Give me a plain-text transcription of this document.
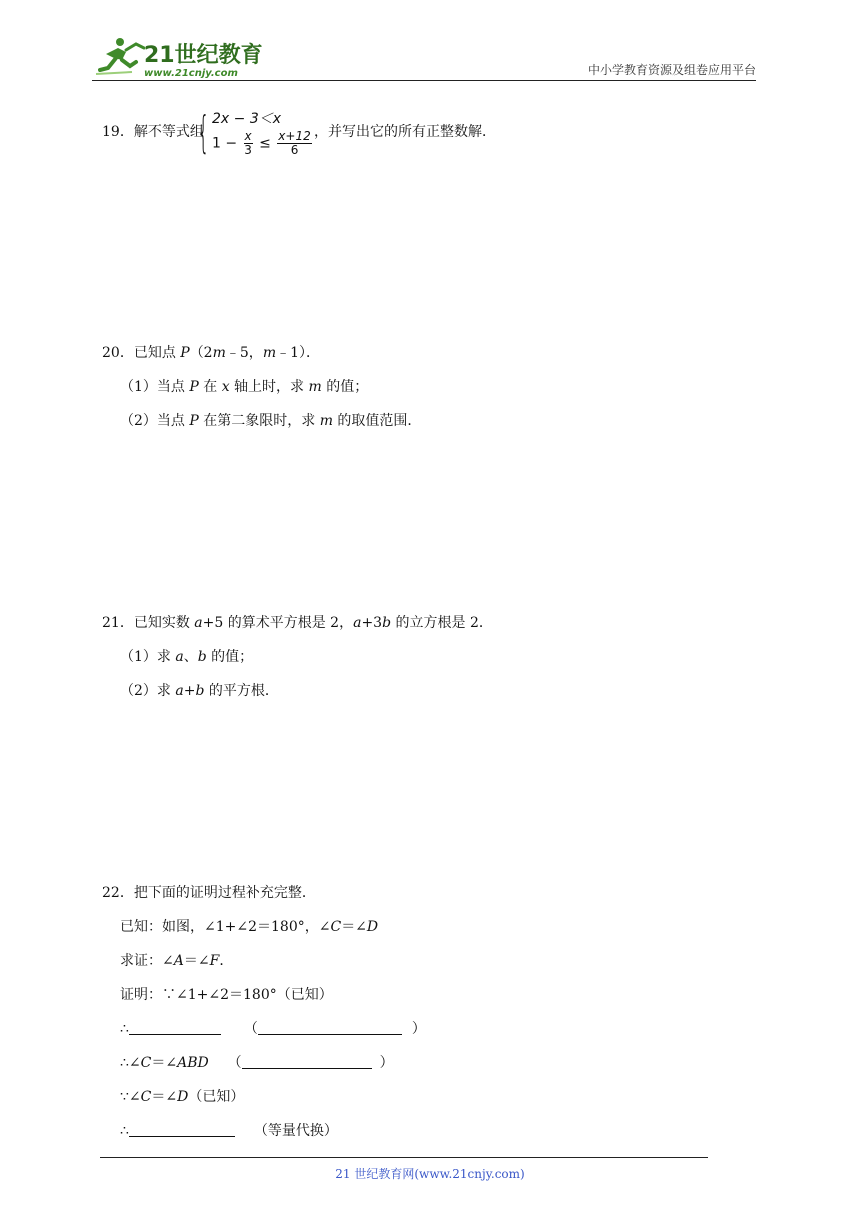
21世纪教育
www.21cnjy.com	中小学教育资源及组卷应用平台
19．解不等式组
{ 2x − 3＜x
$1 - \frac{x}{3} \le \frac{x+12}{6}$ ，并写出它的所有正整数解．
20．已知点 P（2m﹣5，m﹣1）．
（1）当点 P 在 x 轴上时，求 m 的值；
（2）当点 P 在第二象限时，求 m 的取值范围．
21．已知实数 a+5 的算术平方根是 2，a+3b 的立方根是 2．
（1）求 a、b 的值；
（2）求 a+b 的平方根．
22．把下面的证明过程补充完整．
已知：如图，∠1+∠2＝180°，∠C＝∠D
求证：∠A＝∠F．
证明：∵∠1+∠2＝180°（已知）
∴	（	）
∴∠C＝∠ABD （	）
∵∠C＝∠D（已知）
∴	（等量代换）
21 世纪教育网(www.21cnjy.com)
